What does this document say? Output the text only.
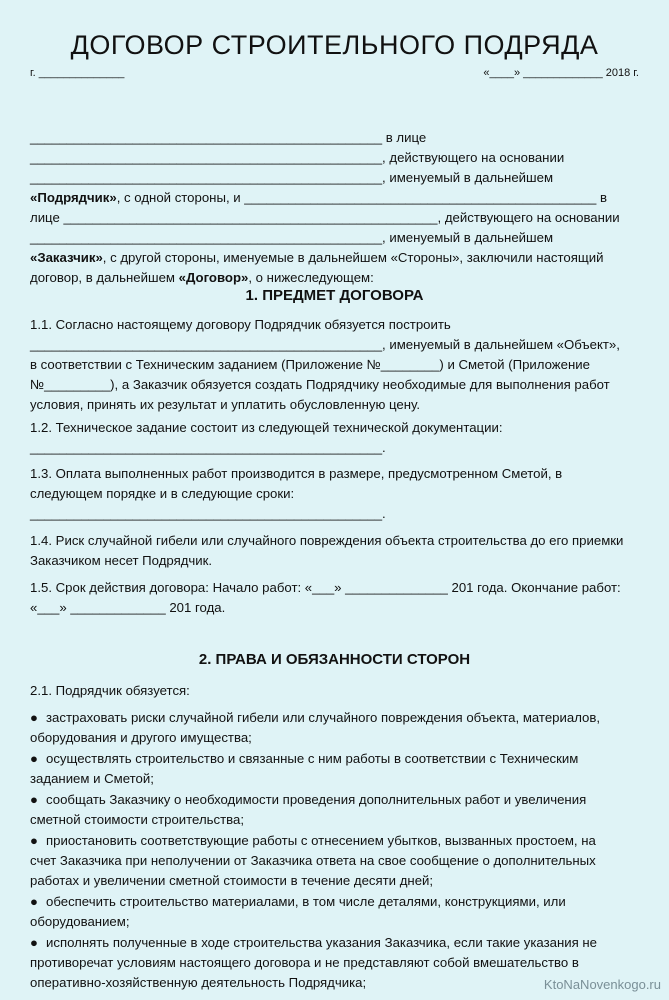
ДОГОВОР СТРОИТЕЛЬНОГО ПОДРЯДА
г. ______________	«____» _____________ 2018 г.
________________________________________________ в лице
________________________________________________, действующего на основании
________________________________________________, именуемый в дальнейшем
«Подрядчик», с одной стороны, и ________________________________________________ в
лице ___________________________________________________, действующего на основании
________________________________________________, именуемый в дальнейшем
«Заказчик», с другой стороны, именуемые в дальнейшем «Стороны», заключили настоящий
договор, в дальнейшем «Договор», о нижеследующем:
1. ПРЕДМЕТ ДОГОВОРА
1.1. Согласно настоящему договору Подрядчик обязуется построить
________________________________________________, именуемый в дальнейшем «Объект»,
в соответствии с Техническим заданием (Приложение №________) и Сметой (Приложение
№_________), а Заказчик обязуется создать Подрядчику необходимые для выполнения работ
условия, принять их результат и уплатить обусловленную цену.
1.2. Техническое задание состоит из следующей технической документации:
________________________________________________.
1.3. Оплата выполненных работ производится в размере, предусмотренном Сметой, в
следующем порядке и в следующие сроки:
________________________________________________.
1.4. Риск случайной гибели или случайного повреждения объекта строительства до его приемки
Заказчиком несет Подрядчик.
1.5. Срок действия договора: Начало работ: «___» ______________ 201 года. Окончание работ:
«___» _____________ 201 года.
2. ПРАВА И ОБЯЗАННОСТИ СТОРОН
2.1. Подрядчик обязуется:
● застраховать риски случайной гибели или случайного повреждения объекта, материалов,
оборудования и другого имущества;
● осуществлять строительство и связанные с ним работы в соответствии с Техническим
заданием и Сметой;
● сообщать Заказчику о необходимости проведения дополнительных работ и увеличения
сметной стоимости строительства;
● приостановить соответствующие работы с отнесением убытков, вызванных простоем, на
счет Заказчика при неполучении от Заказчика ответа на свое сообщение о дополнительных
работах и увеличении сметной стоимости в течение десяти дней;
● обеспечить строительство материалами, в том числе деталями, конструкциями, или
оборудованием;
● исполнять полученные в ходе строительства указания Заказчика, если такие указания не
противоречат условиям настоящего договора и не представляют собой вмешательство в
оперативно-хозяйственную деятельность Подрядчика;	KtoNaNovenkogo.ru
